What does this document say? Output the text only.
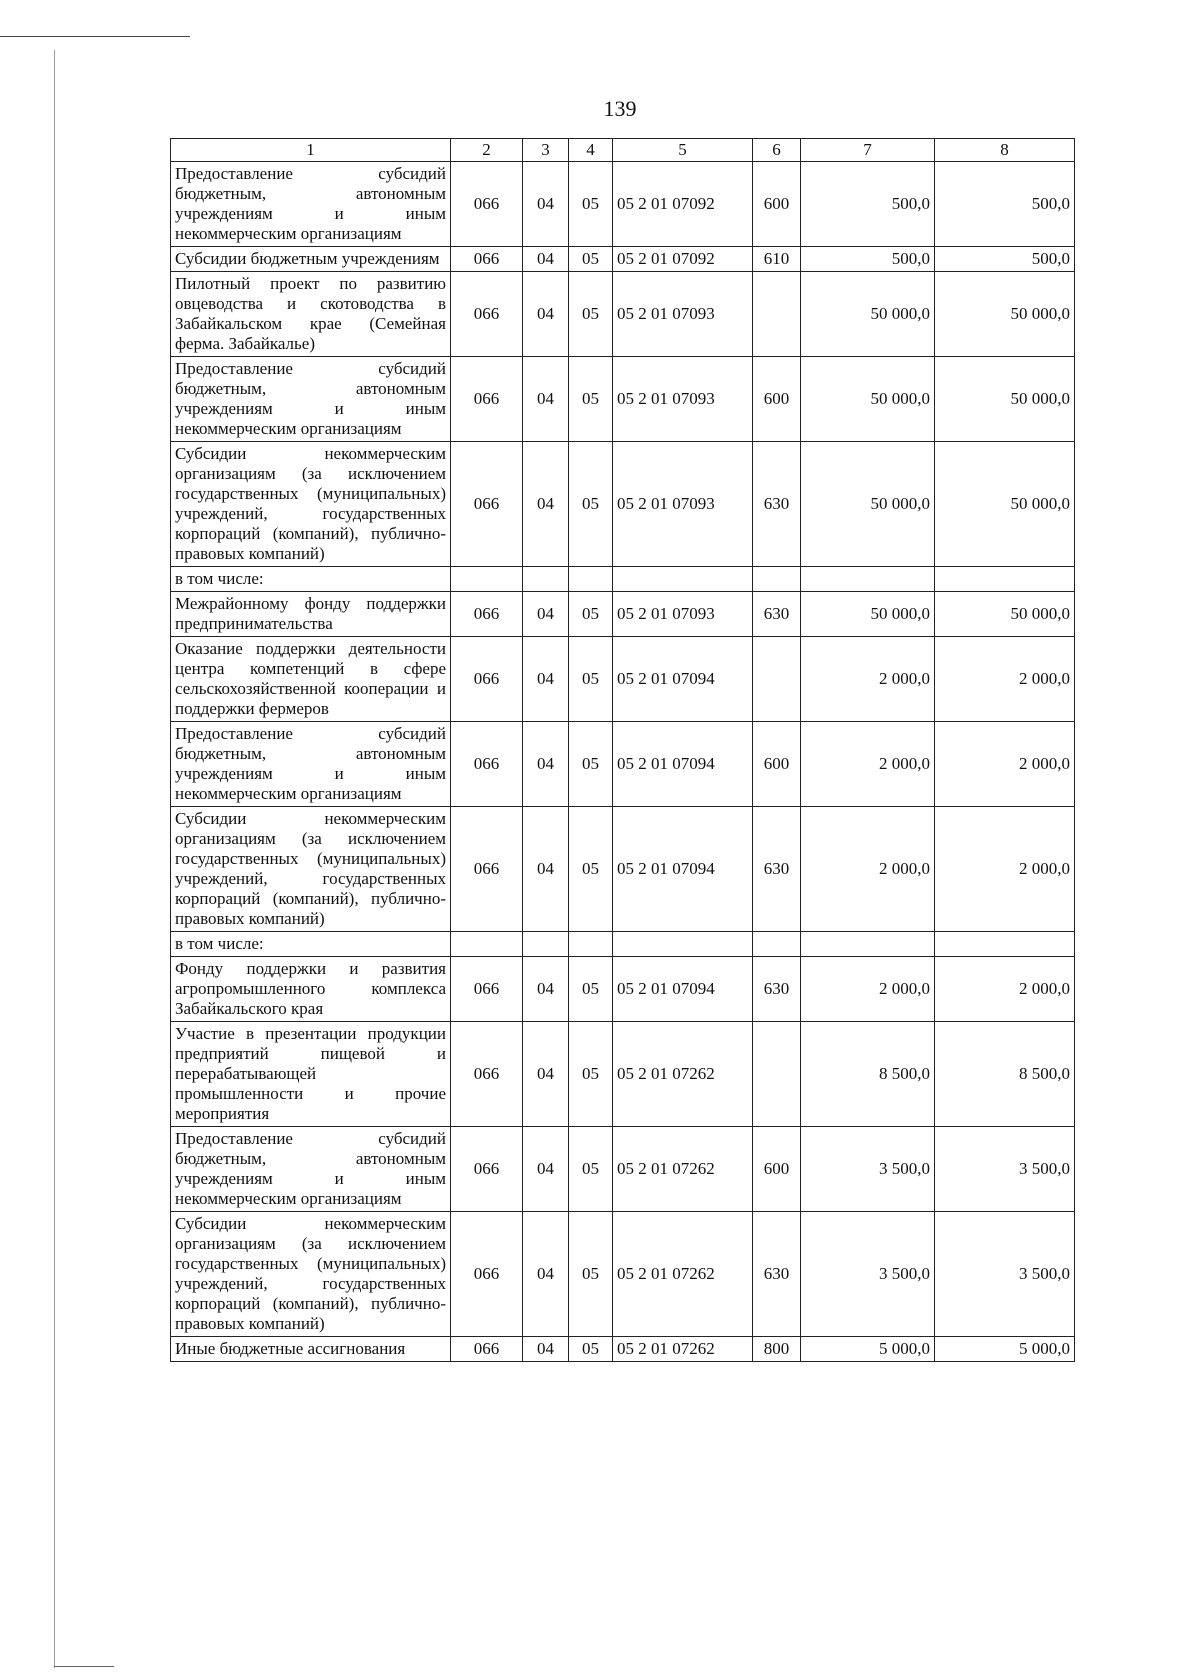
139
1	2	3	4	5	6	7	8
Предоставление субсидий бюджетным, автономным учреждениям и иным некоммерческим организациям	066	04	05	05 2 01 07092	600	500,0	500,0
Субсидии бюджетным учреждениям	066	04	05	05 2 01 07092	610	500,0	500,0
Пилотный проект по развитию овцеводства и скотоводства в Забайкальском крае (Семейная ферма. Забайкалье)	066	04	05	05 2 01 07093		50 000,0	50 000,0
Предоставление субсидий бюджетным, автономным учреждениям и иным некоммерческим организациям	066	04	05	05 2 01 07093	600	50 000,0	50 000,0
Субсидии некоммерческим организациям (за исключением государственных (муниципальных) учреждений, государственных корпораций (компаний), публично-правовых компаний)	066	04	05	05 2 01 07093	630	50 000,0	50 000,0
в том числе:							
Межрайонному фонду поддержки предпринимательства	066	04	05	05 2 01 07093	630	50 000,0	50 000,0
Оказание поддержки деятельности центра компетенций в сфере сельскохозяйственной кооперации и поддержки фермеров	066	04	05	05 2 01 07094		2 000,0	2 000,0
Предоставление субсидий бюджетным, автономным учреждениям и иным некоммерческим организациям	066	04	05	05 2 01 07094	600	2 000,0	2 000,0
Субсидии некоммерческим организациям (за исключением государственных (муниципальных) учреждений, государственных корпораций (компаний), публично-правовых компаний)	066	04	05	05 2 01 07094	630	2 000,0	2 000,0
в том числе:							
Фонду поддержки и развития агропромышленного комплекса Забайкальского края	066	04	05	05 2 01 07094	630	2 000,0	2 000,0
Участие в презентации продукции предприятий пищевой и перерабатывающей промышленности и прочие мероприятия	066	04	05	05 2 01 07262		8 500,0	8 500,0
Предоставление субсидий бюджетным, автономным учреждениям и иным некоммерческим организациям	066	04	05	05 2 01 07262	600	3 500,0	3 500,0
Субсидии некоммерческим организациям (за исключением государственных (муниципальных) учреждений, государственных корпораций (компаний), публично-правовых компаний)	066	04	05	05 2 01 07262	630	3 500,0	3 500,0
Иные бюджетные ассигнования	066	04	05	05 2 01 07262	800	5 000,0	5 000,0
